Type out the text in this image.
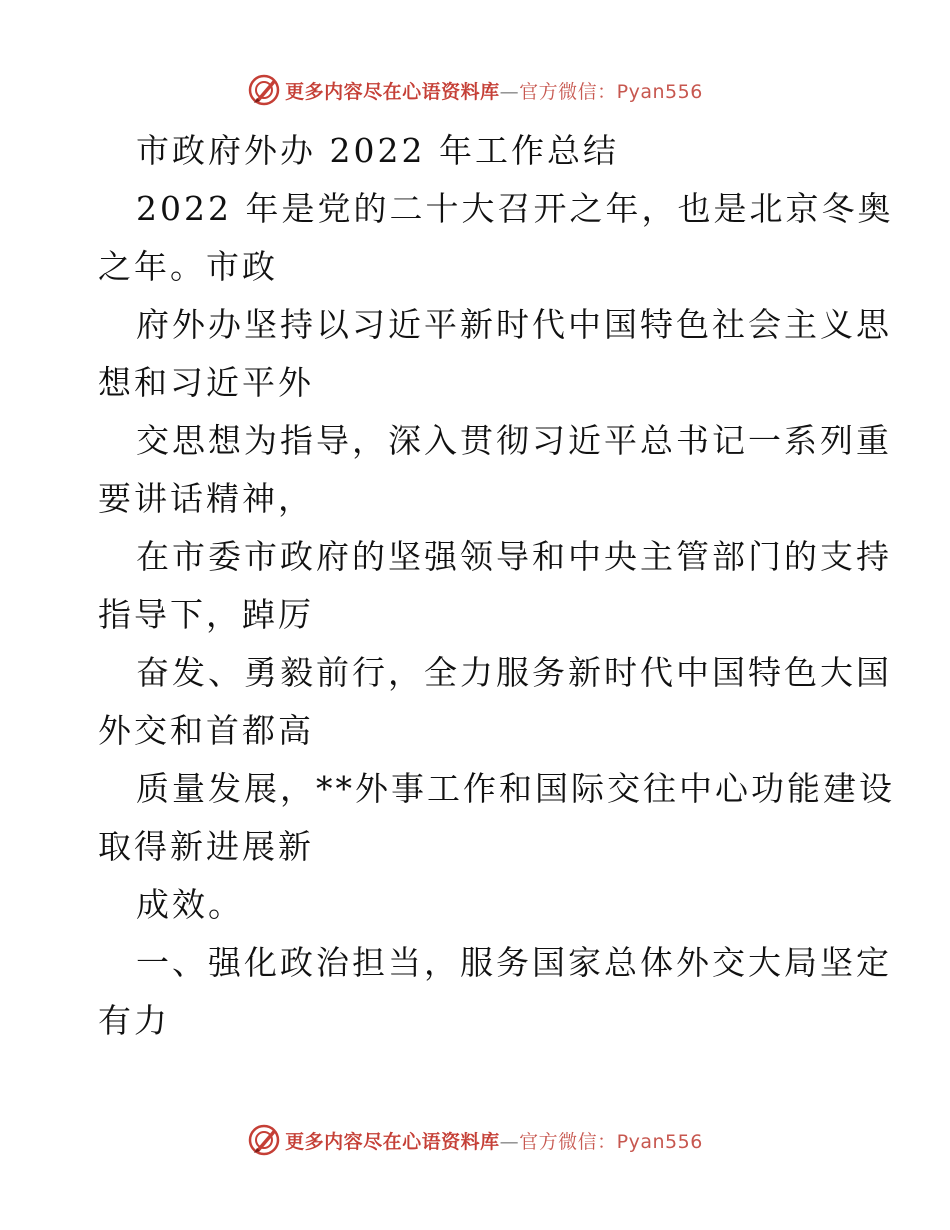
更多内容尽在心语资料库—官方微信：Pyan556
市政府外办 2022 年工作总结
2022 年是党的二十大召开之年，也是北京冬奥
之年。市政
府外办坚持以习近平新时代中国特色社会主义思
想和习近平外
交思想为指导，深入贯彻习近平总书记一系列重
要讲话精神，
在市委市政府的坚强领导和中央主管部门的支持
指导下，踔厉
奋发、勇毅前行，全力服务新时代中国特色大国
外交和首都高
质量发展，**外事工作和国际交往中心功能建设
取得新进展新
成效。
一、强化政治担当，服务国家总体外交大局坚定
有力
更多内容尽在心语资料库—官方微信：Pyan556
